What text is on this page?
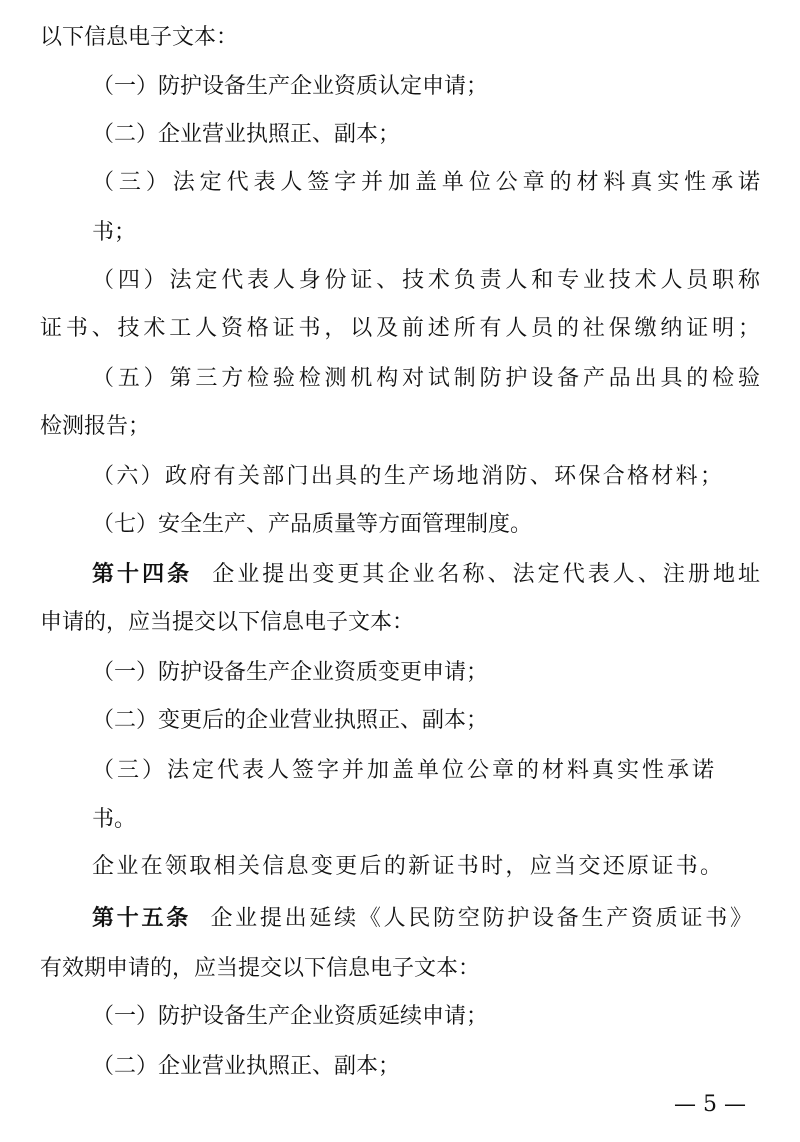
以下信息电子文本：

（一）防护设备生产企业资质认定申请；

（二）企业营业执照正、副本；

（三）法定代表人签字并加盖单位公章的材料真实性承诺

书；

（四）法定代表人身份证、技术负责人和专业技术人员职称

证书、技术工人资格证书，以及前述所有人员的社保缴纳证明；

（五）第三方检验检测机构对试制防护设备产品出具的检验

检测报告；

（六）政府有关部门出具的生产场地消防、环保合格材料；

（七）安全生产、产品质量等方面管理制度。

第十四条 企业提出变更其企业名称、法定代表人、注册地址

申请的，应当提交以下信息电子文本：

（一）防护设备生产企业资质变更申请；

（二）变更后的企业营业执照正、副本；

（三）法定代表人签字并加盖单位公章的材料真实性承诺

书。

企业在领取相关信息变更后的新证书时，应当交还原证书。

第十五条 企业提出延续《人民防空防护设备生产资质证书》

有效期申请的，应当提交以下信息电子文本：

（一）防护设备生产企业资质延续申请；

（二）企业营业执照正、副本；

— 5 —
